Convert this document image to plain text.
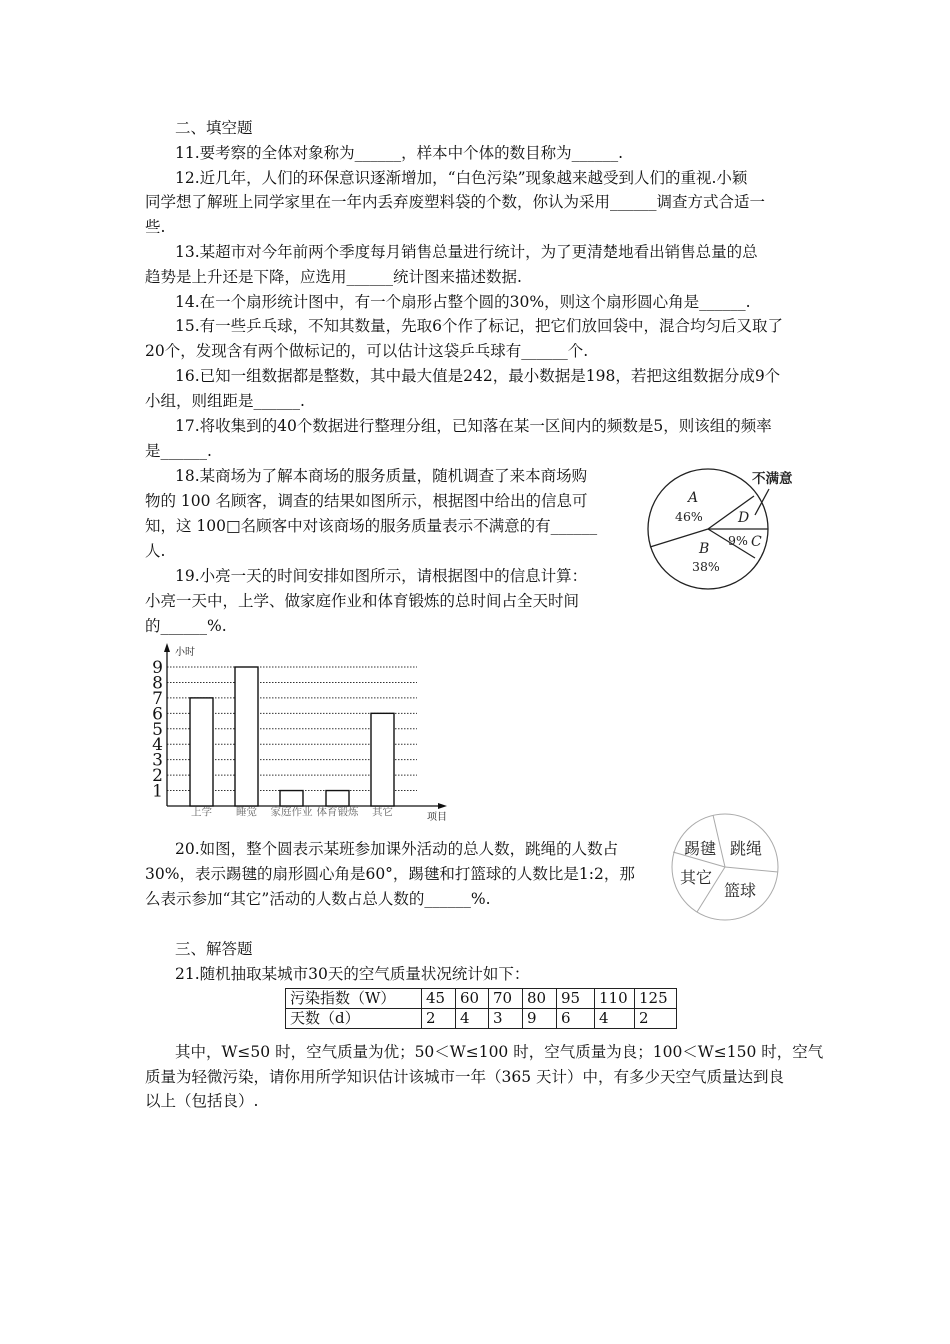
二、填空题
11.要考察的全体对象称为______，样本中个体的数目称为______.
12.近几年，人们的环保意识逐渐增加，“白色污染”现象越来越受到人们的重视.小颖
同学想了解班上同学家里在一年内丢弃废塑料袋的个数，你认为采用______调查方式合适一
些.
13.某超市对今年前两个季度每月销售总量进行统计，为了更清楚地看出销售总量的总
趋势是上升还是下降，应选用______统计图来描述数据.
14.在一个扇形统计图中，有一个扇形占整个圆的30%，则这个扇形圆心角是______.
15.有一些乒乓球，不知其数量，先取6个作了标记，把它们放回袋中，混合均匀后又取了
20个，发现含有两个做标记的，可以估计这袋乒乓球有______个.
16.已知一组数据都是整数，其中最大值是242，最小数据是198，若把这组数据分成9个
小组，则组距是______.
17.将收集到的40个数据进行整理分组，已知落在某一区间内的频数是5，则该组的频率
是______.
18.某商场为了解本商场的服务质量，随机调查了来本商场购
物的 100 名顾客，调查的结果如图所示，根据图中给出的信息可
知，这 100□名顾客中对该商场的服务质量表示不满意的有______
人.
19.小亮一天的时间安排如图所示，请根据图中的信息计算：
小亮一天中，上学、做家庭作业和体育锻炼的总时间占全天时间
的______%.
20.如图，整个圆表示某班参加课外活动的总人数，跳绳的人数占
30%，表示踢毽的扇形圆心角是60°，踢毽和打篮球的人数比是1:2，那
么表示参加“其它”活动的人数占总人数的______%.
A
46%	D
9% C
B
38%
不满意
1
2
3
4
5
6
7
8
9
小时
项目
上学 睡觉 家庭作业 体育锻炼 其它
踢毽 跳绳
其它
篮球
三、解答题
21.随机抽取某城市30天的空气质量状况统计如下：
污染指数（W）	45	60	70	80	95	110	125
天数（d）	2	4	3	9	6	4	2
其中，W≤50 时，空气质量为优；50＜W≤100 时，空气质量为良；100＜W≤150 时，空气
质量为轻微污染，请你用所学知识估计该城市一年（365 天计）中，有多少天空气质量达到良
以上（包括良）.
